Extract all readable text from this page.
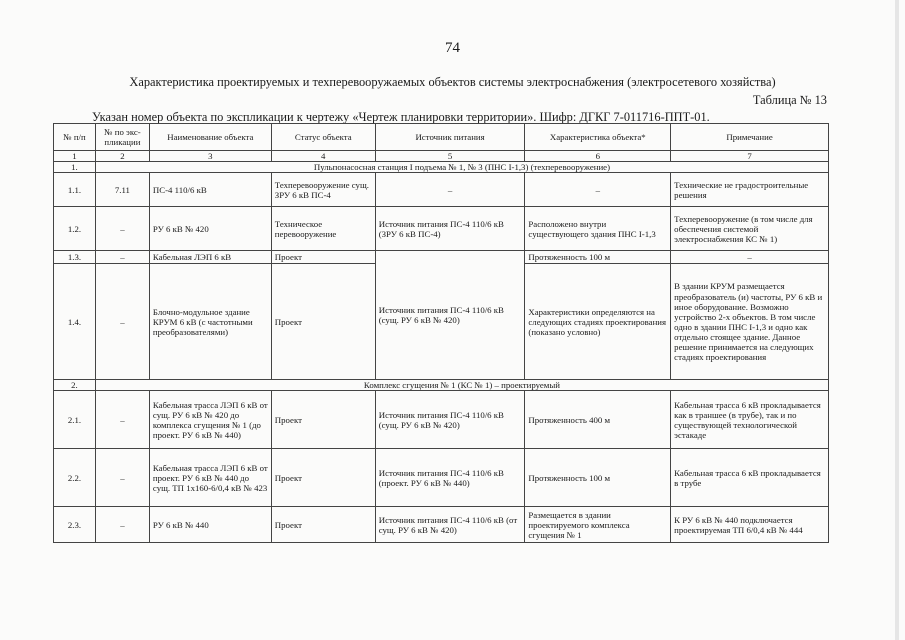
74
Характеристика проектируемых и техперевооружаемых объектов системы электроснабжения (электросетевого хозяйства)
Таблица № 13
Указан номер объекта по экспликации к чертежу «Чертеж планировки территории». Шифр: ДГКГ 7-011716-ППТ-01.
№ п/п	№ по экс-пликации	Наименование объекта	Статус объекта	Источник питания	Характеристика объекта*	Примечание
1	2	3	4	5	6	7
1.	Пульпонасосная станция I подъема № 1, № 3 (ПНС I-1,3) (техперевооружение)					
1.1.	7.11	ПС-4 110/6 кВ	Техперевооружение сущ. ЗРУ 6 кВ ПС-4	–	–	Технические не градостроительные решения
1.2.	–	РУ 6 кВ № 420	Техническое перевооружение	Источник питания ПС-4 110/6 кВ (ЗРУ 6 кВ ПС-4)	Расположено внутри существующего здания ПНС I-1,3	Техперевооружение (в том числе для обеспечения системой электроснабжения КС № 1)
1.3.	–	Кабельная ЛЭП 6 кВ	Проект	Источник питания ПС-4 110/6 кВ (сущ. РУ 6 кВ № 420)	Протяженность 100 м	–
1.4.	–	Блочно-модульное здание КРУМ 6 кВ (с частотными преобразователями)	Проект		Характеристики определяются на следующих стадиях проектирования (показано условно)	В здании КРУМ размещается преобразователь (и) частоты, РУ 6 кВ и иное оборудование. Возможно устройство 2-х объектов. В том числе одно в здании ПНС I-1,3 и одно как отдельно стоящее здание. Данное решение принимается на следующих стадиях проектирования
2.	Комплекс сгущения № 1 (КС № 1) – проектируемый					
2.1.	–	Кабельная трасса ЛЭП 6 кВ от сущ. РУ 6 кВ № 420 до комплекса сгущения № 1 (до проект. РУ 6 кВ № 440)	Проект	Источник питания ПС-4 110/6 кВ (сущ. РУ 6 кВ № 420)	Протяженность 400 м	Кабельная трасса 6 кВ прокладывается как в траншее (в трубе), так и по существующей технологической эстакаде
2.2.	–	Кабельная трасса ЛЭП 6 кВ от проект. РУ 6 кВ № 440 до сущ. ТП 1х160-6/0,4 кВ № 423	Проект	Источник питания ПС-4 110/6 кВ (проект. РУ 6 кВ № 440)	Протяженность 100 м	Кабельная трасса 6 кВ прокладывается в трубе
2.3.	–	РУ 6 кВ № 440	Проект	Источник питания ПС-4 110/6 кВ (от сущ. РУ 6 кВ № 420)	Размещается в здании проектируемого комплекса сгущения № 1	К РУ 6 кВ № 440 подключается проектируемая ТП 6/0,4 кВ № 444
